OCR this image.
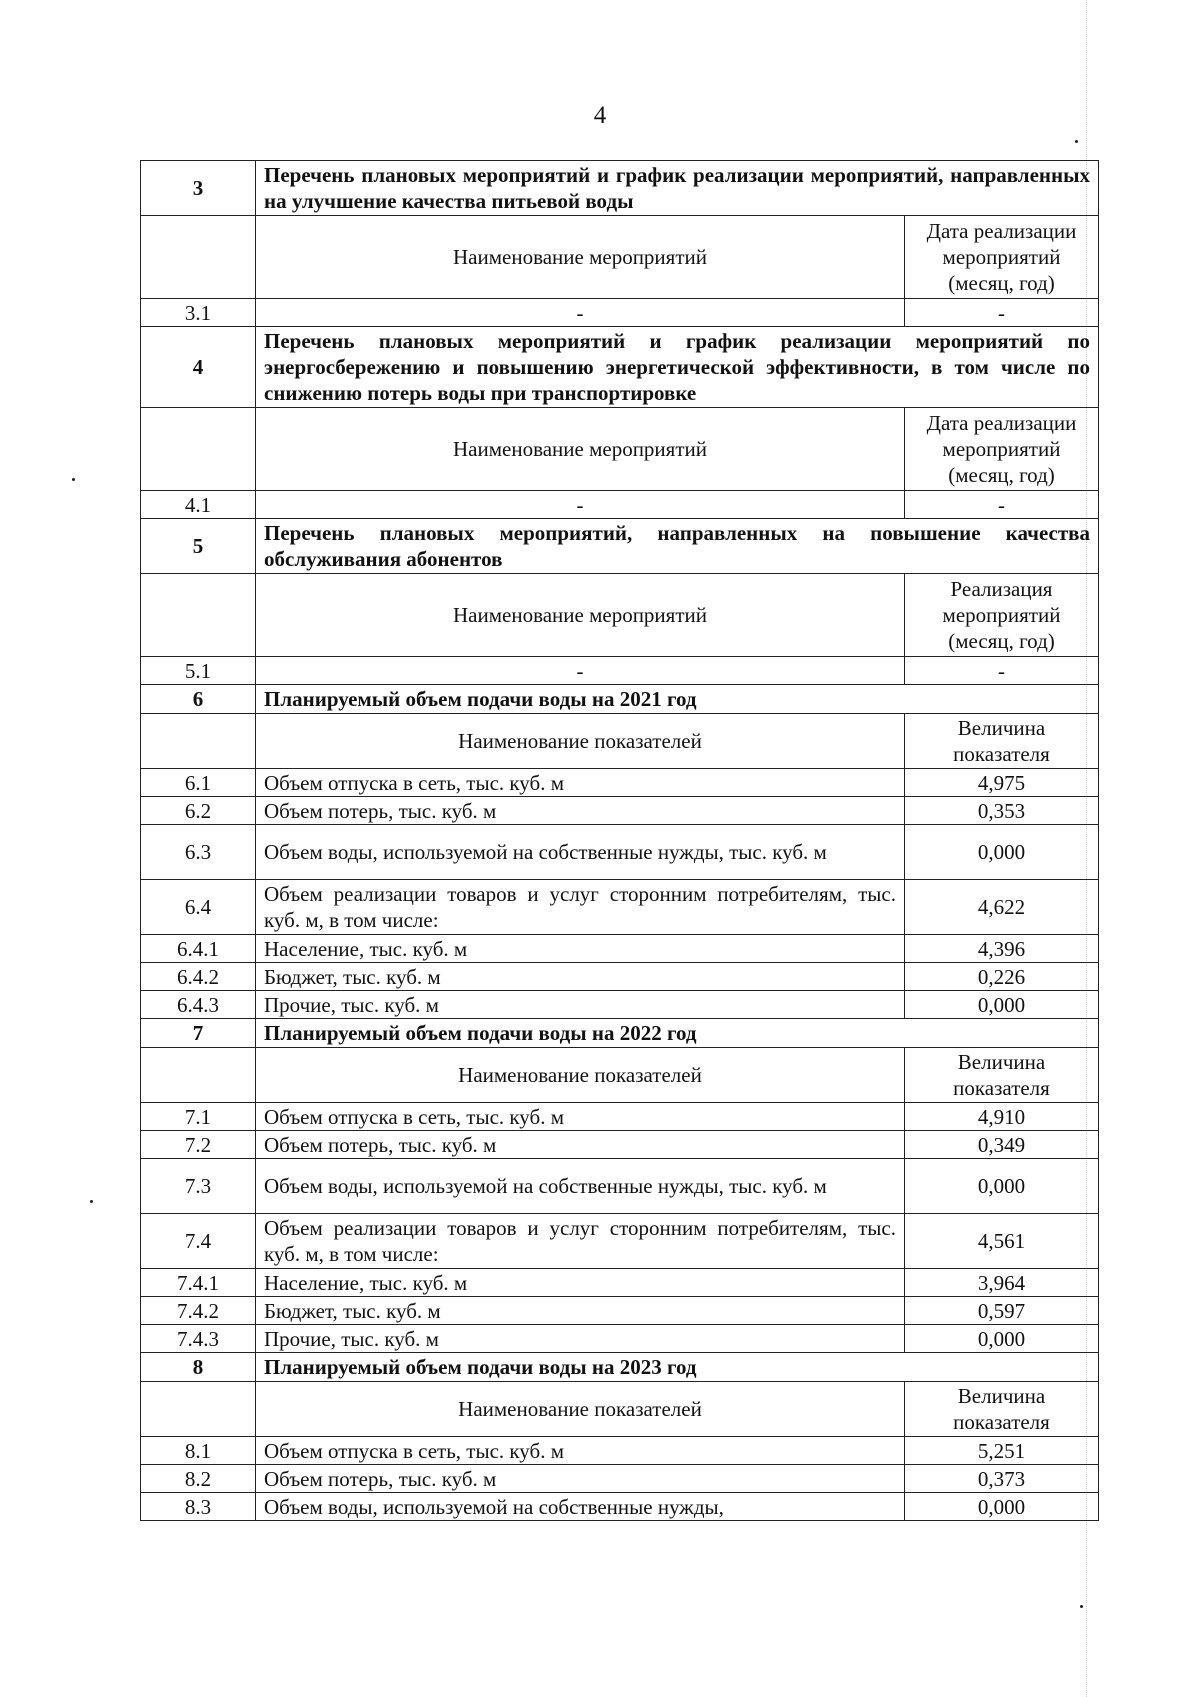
4
3	Перечень плановых мероприятий и график реализации мероприятий, направленных на улучшение качества питьевой воды	
	Наименование мероприятий	Дата реализации мероприятий (месяц, год)
3.1	-	-
4	Перечень плановых мероприятий и график реализации мероприятий по энергосбережению и повышению энергетической эффективности, в том числе по снижению потерь воды при транспортировке	
	Наименование мероприятий	Дата реализации мероприятий (месяц, год)
4.1	-	-
5	Перечень плановых мероприятий, направленных на повышение качества обслуживания абонентов	
	Наименование мероприятий	Реализация мероприятий (месяц, год)
5.1	-	-
6	Планируемый объем подачи воды на 2021 год	
	Наименование показателей	Величина показателя
6.1	Объем отпуска в сеть, тыс. куб. м	4,975
6.2	Объем потерь, тыс. куб. м	0,353
6.3	Объем воды, используемой на собственные нужды, тыс. куб. м	0,000
6.4	Объем реализации товаров и услуг сторонним потребителям, тыс. куб. м, в том числе:	4,622
6.4.1	Население, тыс. куб. м	4,396
6.4.2	Бюджет, тыс. куб. м	0,226
6.4.3	Прочие, тыс. куб. м	0,000
7	Планируемый объем подачи воды на 2022 год	
	Наименование показателей	Величина показателя
7.1	Объем отпуска в сеть, тыс. куб. м	4,910
7.2	Объем потерь, тыс. куб. м	0,349
7.3	Объем воды, используемой на собственные нужды, тыс. куб. м	0,000
7.4	Объем реализации товаров и услуг сторонним потребителям, тыс. куб. м, в том числе:	4,561
7.4.1	Население, тыс. куб. м	3,964
7.4.2	Бюджет, тыс. куб. м	0,597
7.4.3	Прочие, тыс. куб. м	0,000
8	Планируемый объем подачи воды на 2023 год	
	Наименование показателей	Величина показателя
8.1	Объем отпуска в сеть, тыс. куб. м	5,251
8.2	Объем потерь, тыс. куб. м	0,373
8.3	Объем воды, используемой на собственные нужды,	0,000
